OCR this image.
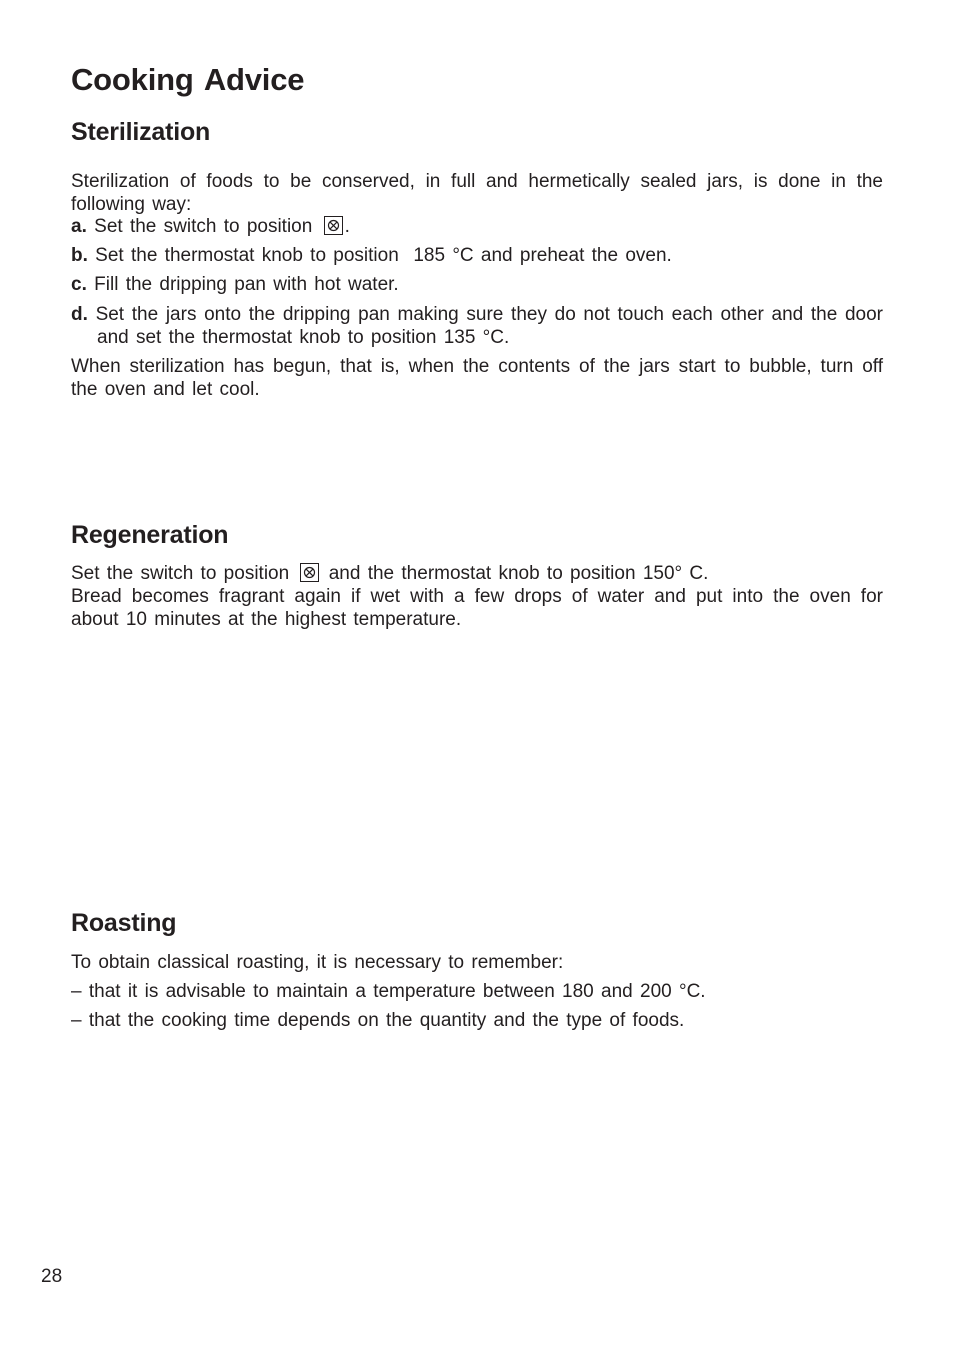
Cooking Advice
Sterilization

Sterilization of foods to be conserved, in full and hermetically sealed jars, is done in the following way:

a. Set the switch to position .
b. Set the thermostat knob to position  185 °C and preheat the oven.
c. Fill the dripping pan with hot water.
d. Set the jars onto the dripping pan making sure they do not touch each other and the door and set the thermostat knob to position 135 °C.

When sterilization has begun, that is, when the contents of the jars start to bubble, turn off the oven and let cool.

Regeneration
Set the switch to position and the thermostat knob to position 150° C.

Bread becomes fragrant again if wet with a few drops of water and put into the oven for about 10 minutes at the highest temperature.

Roasting

To obtain classical roasting, it is necessary to remember:

– that it is advisable to maintain a temperature between 180 and 200 °C.

– that the cooking time depends on the quantity and the type of foods.

28
